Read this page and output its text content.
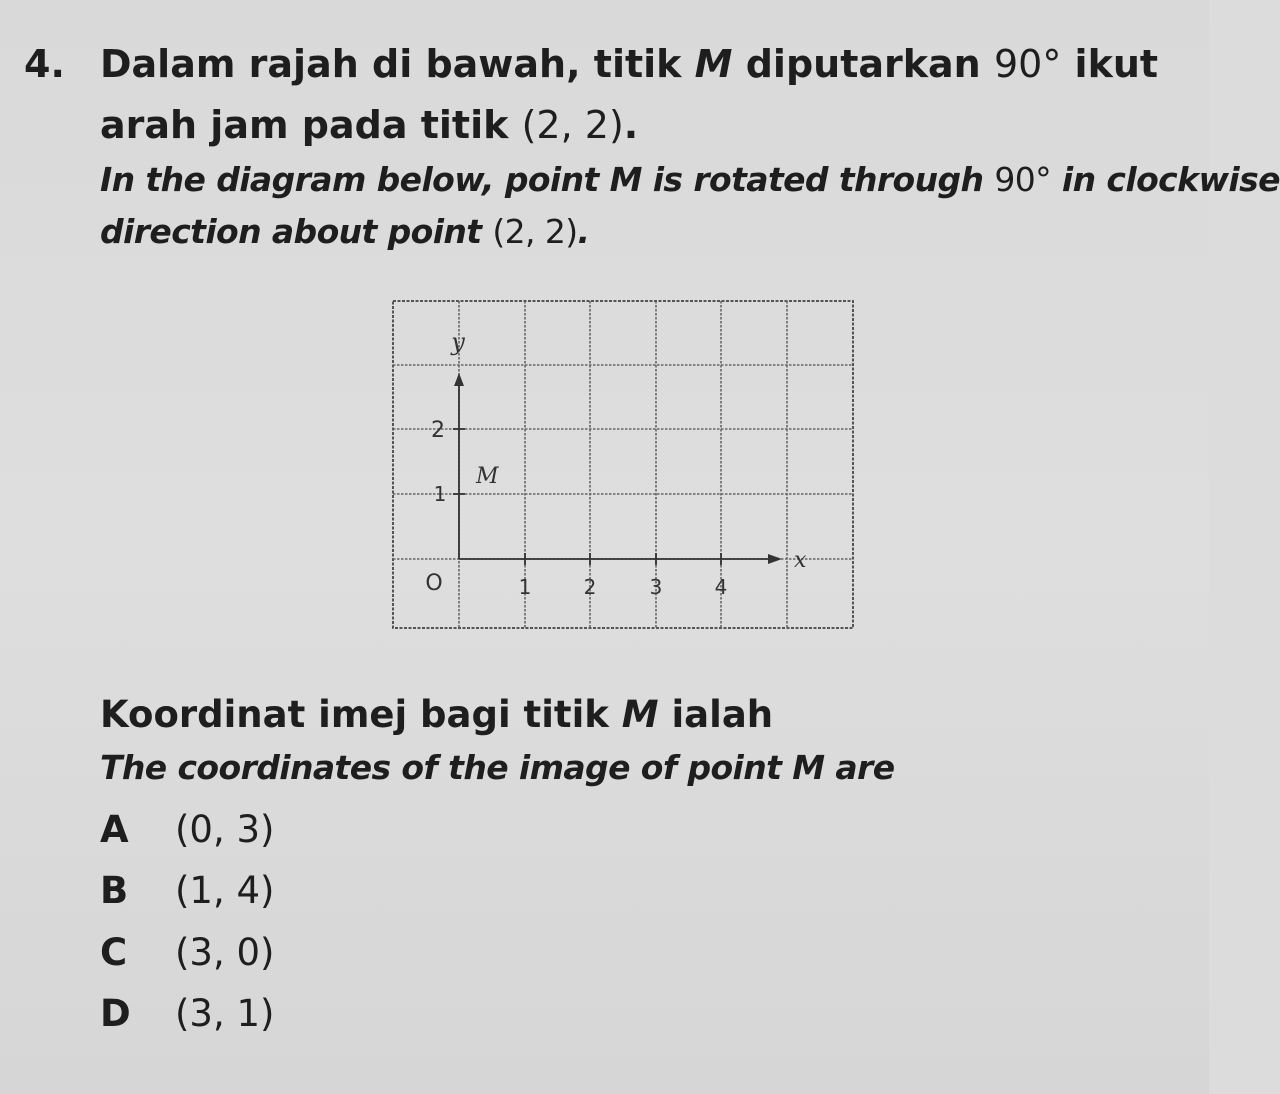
4. Dalam rajah di bawah, titik M diputarkan 90° ikut
arah jam pada titik (2, 2).
In the diagram below, point M is rotated through 90° in clockwise
direction about point (2, 2).
y
x
O	1	2	3	4
1
2
M
Koordinat imej bagi titik M ialah
The coordinates of the image of point M are
A (0, 3)
B (1, 4)
C (3, 0)
D (3, 1)
